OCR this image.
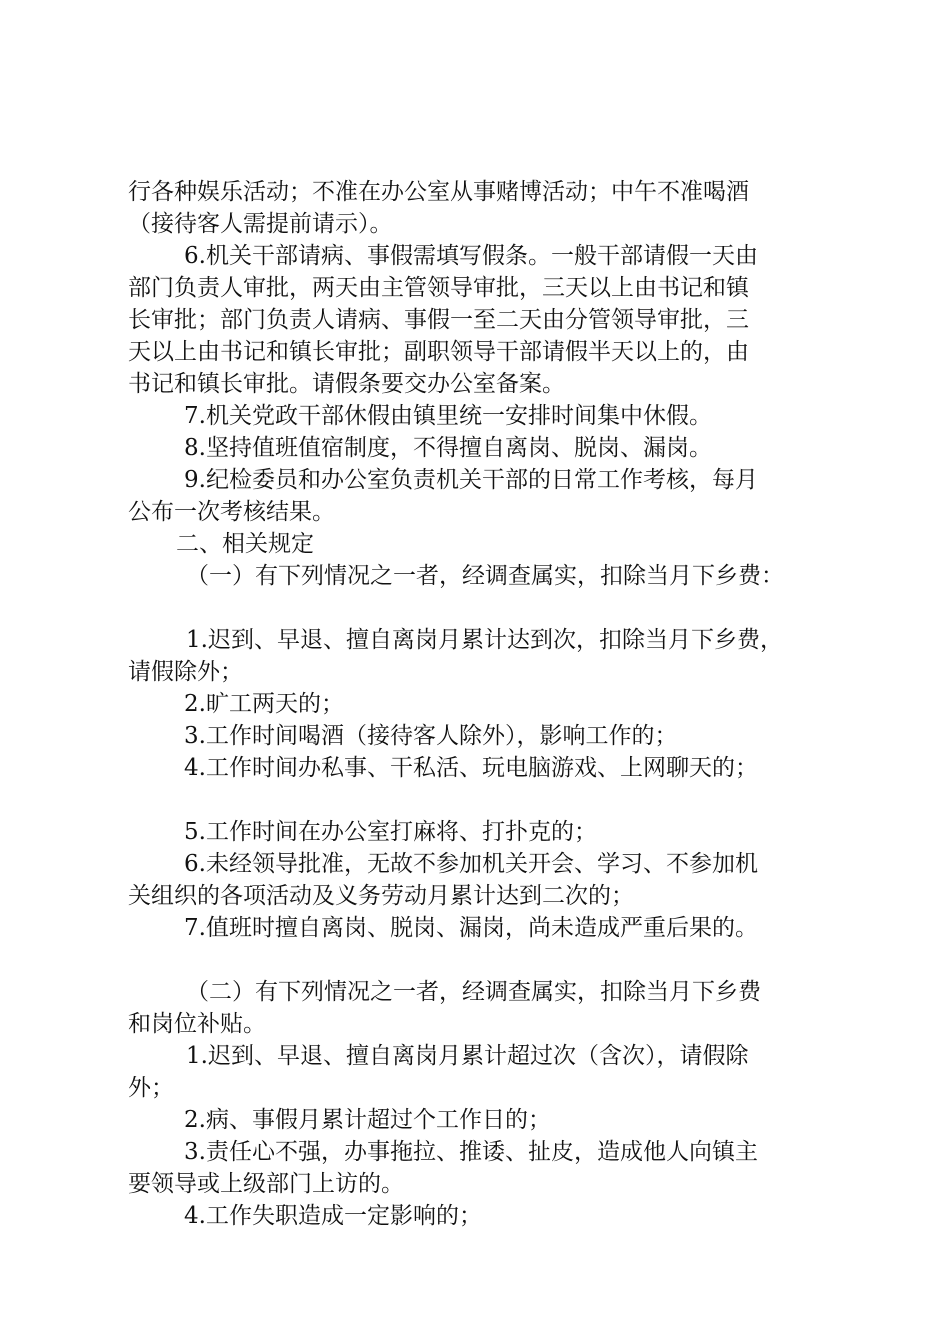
行各种娱乐活动；不准在办公室从事赌博活动；中午不准喝酒
（接待客人需提前请示）。
6.机关干部请病、事假需填写假条。一般干部请假一天由
部门负责人审批，两天由主管领导审批，三天以上由书记和镇
长审批；部门负责人请病、事假一至二天由分管领导审批，三
天以上由书记和镇长审批；副职领导干部请假半天以上的，由
书记和镇长审批。请假条要交办公室备案。
7.机关党政干部休假由镇里统一安排时间集中休假。
8.坚持值班值宿制度，不得擅自离岗、脱岗、漏岗。
9.纪检委员和办公室负责机关干部的日常工作考核，每月
公布一次考核结果。
二、相关规定
（一）有下列情况之一者，经调查属实，扣除当月下乡费：
1.迟到、早退、擅自离岗月累计达到次，扣除当月下乡费，
请假除外；
2.旷工两天的；
3.工作时间喝酒（接待客人除外），影响工作的；
4.工作时间办私事、干私活、玩电脑游戏、上网聊天的；
5.工作时间在办公室打麻将、打扑克的；
6.未经领导批准，无故不参加机关开会、学习、不参加机
关组织的各项活动及义务劳动月累计达到二次的；
7.值班时擅自离岗、脱岗、漏岗，尚未造成严重后果的。
（二）有下列情况之一者，经调查属实，扣除当月下乡费
和岗位补贴。
1.迟到、早退、擅自离岗月累计超过次（含次），请假除
外；
2.病、事假月累计超过个工作日的；
3.责任心不强，办事拖拉、推诿、扯皮，造成他人向镇主
要领导或上级部门上访的。
4.工作失职造成一定影响的；
